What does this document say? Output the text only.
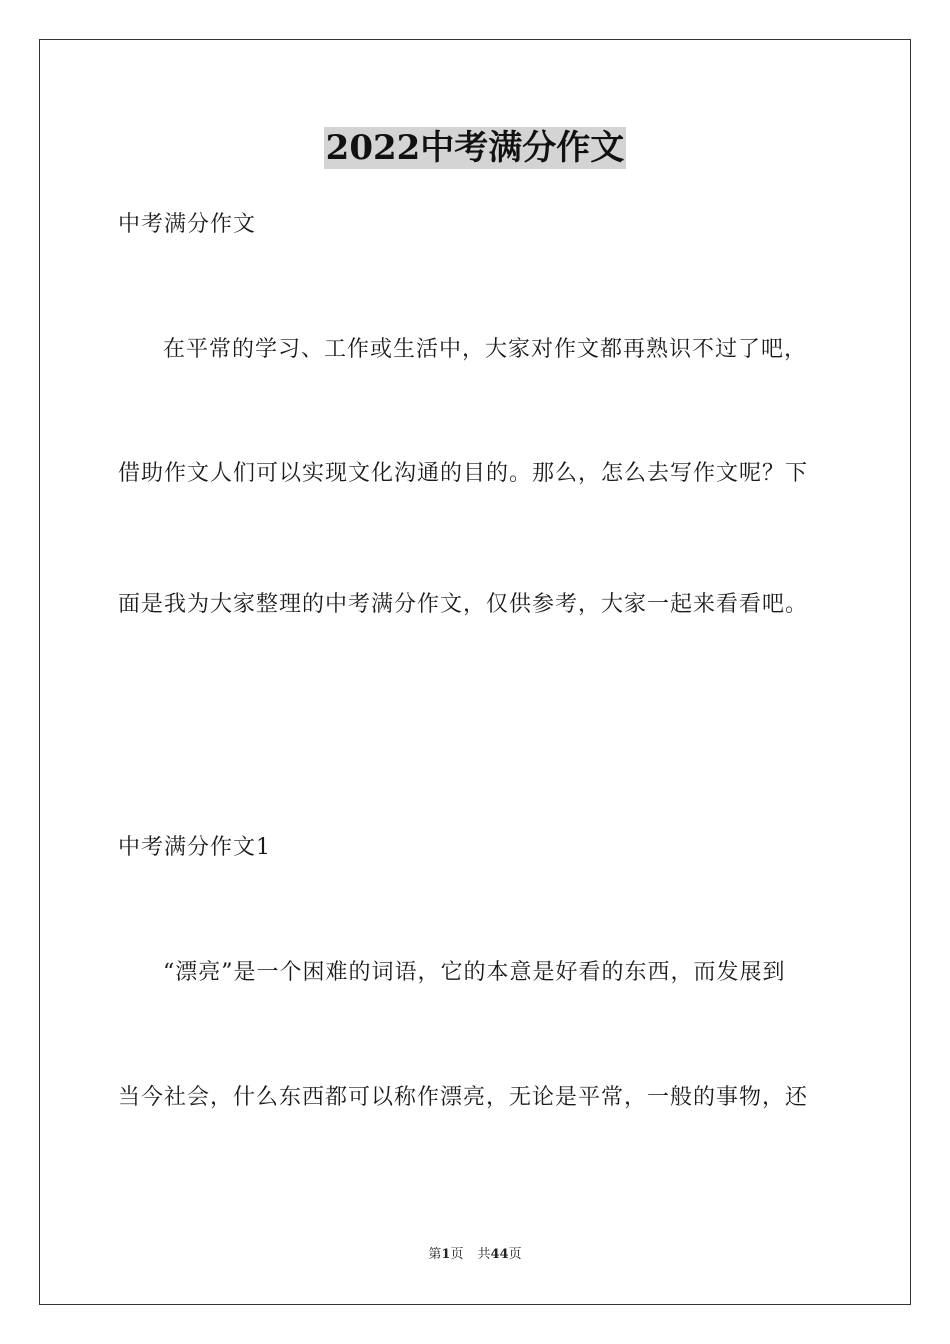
2022中考满分作文
中考满分作文
在平常的学习、工作或生活中，大家对作文都再熟识不过了吧，
借助作文人们可以实现文化沟通的目的。那么，怎么去写作文呢？下
面是我为大家整理的中考满分作文，仅供参考，大家一起来看看吧。
中考满分作文1
“漂亮”是一个困难的词语，它的本意是好看的东西，而发展到
当今社会，什么东西都可以称作漂亮，无论是平常，一般的事物，还
第1页 共44页
